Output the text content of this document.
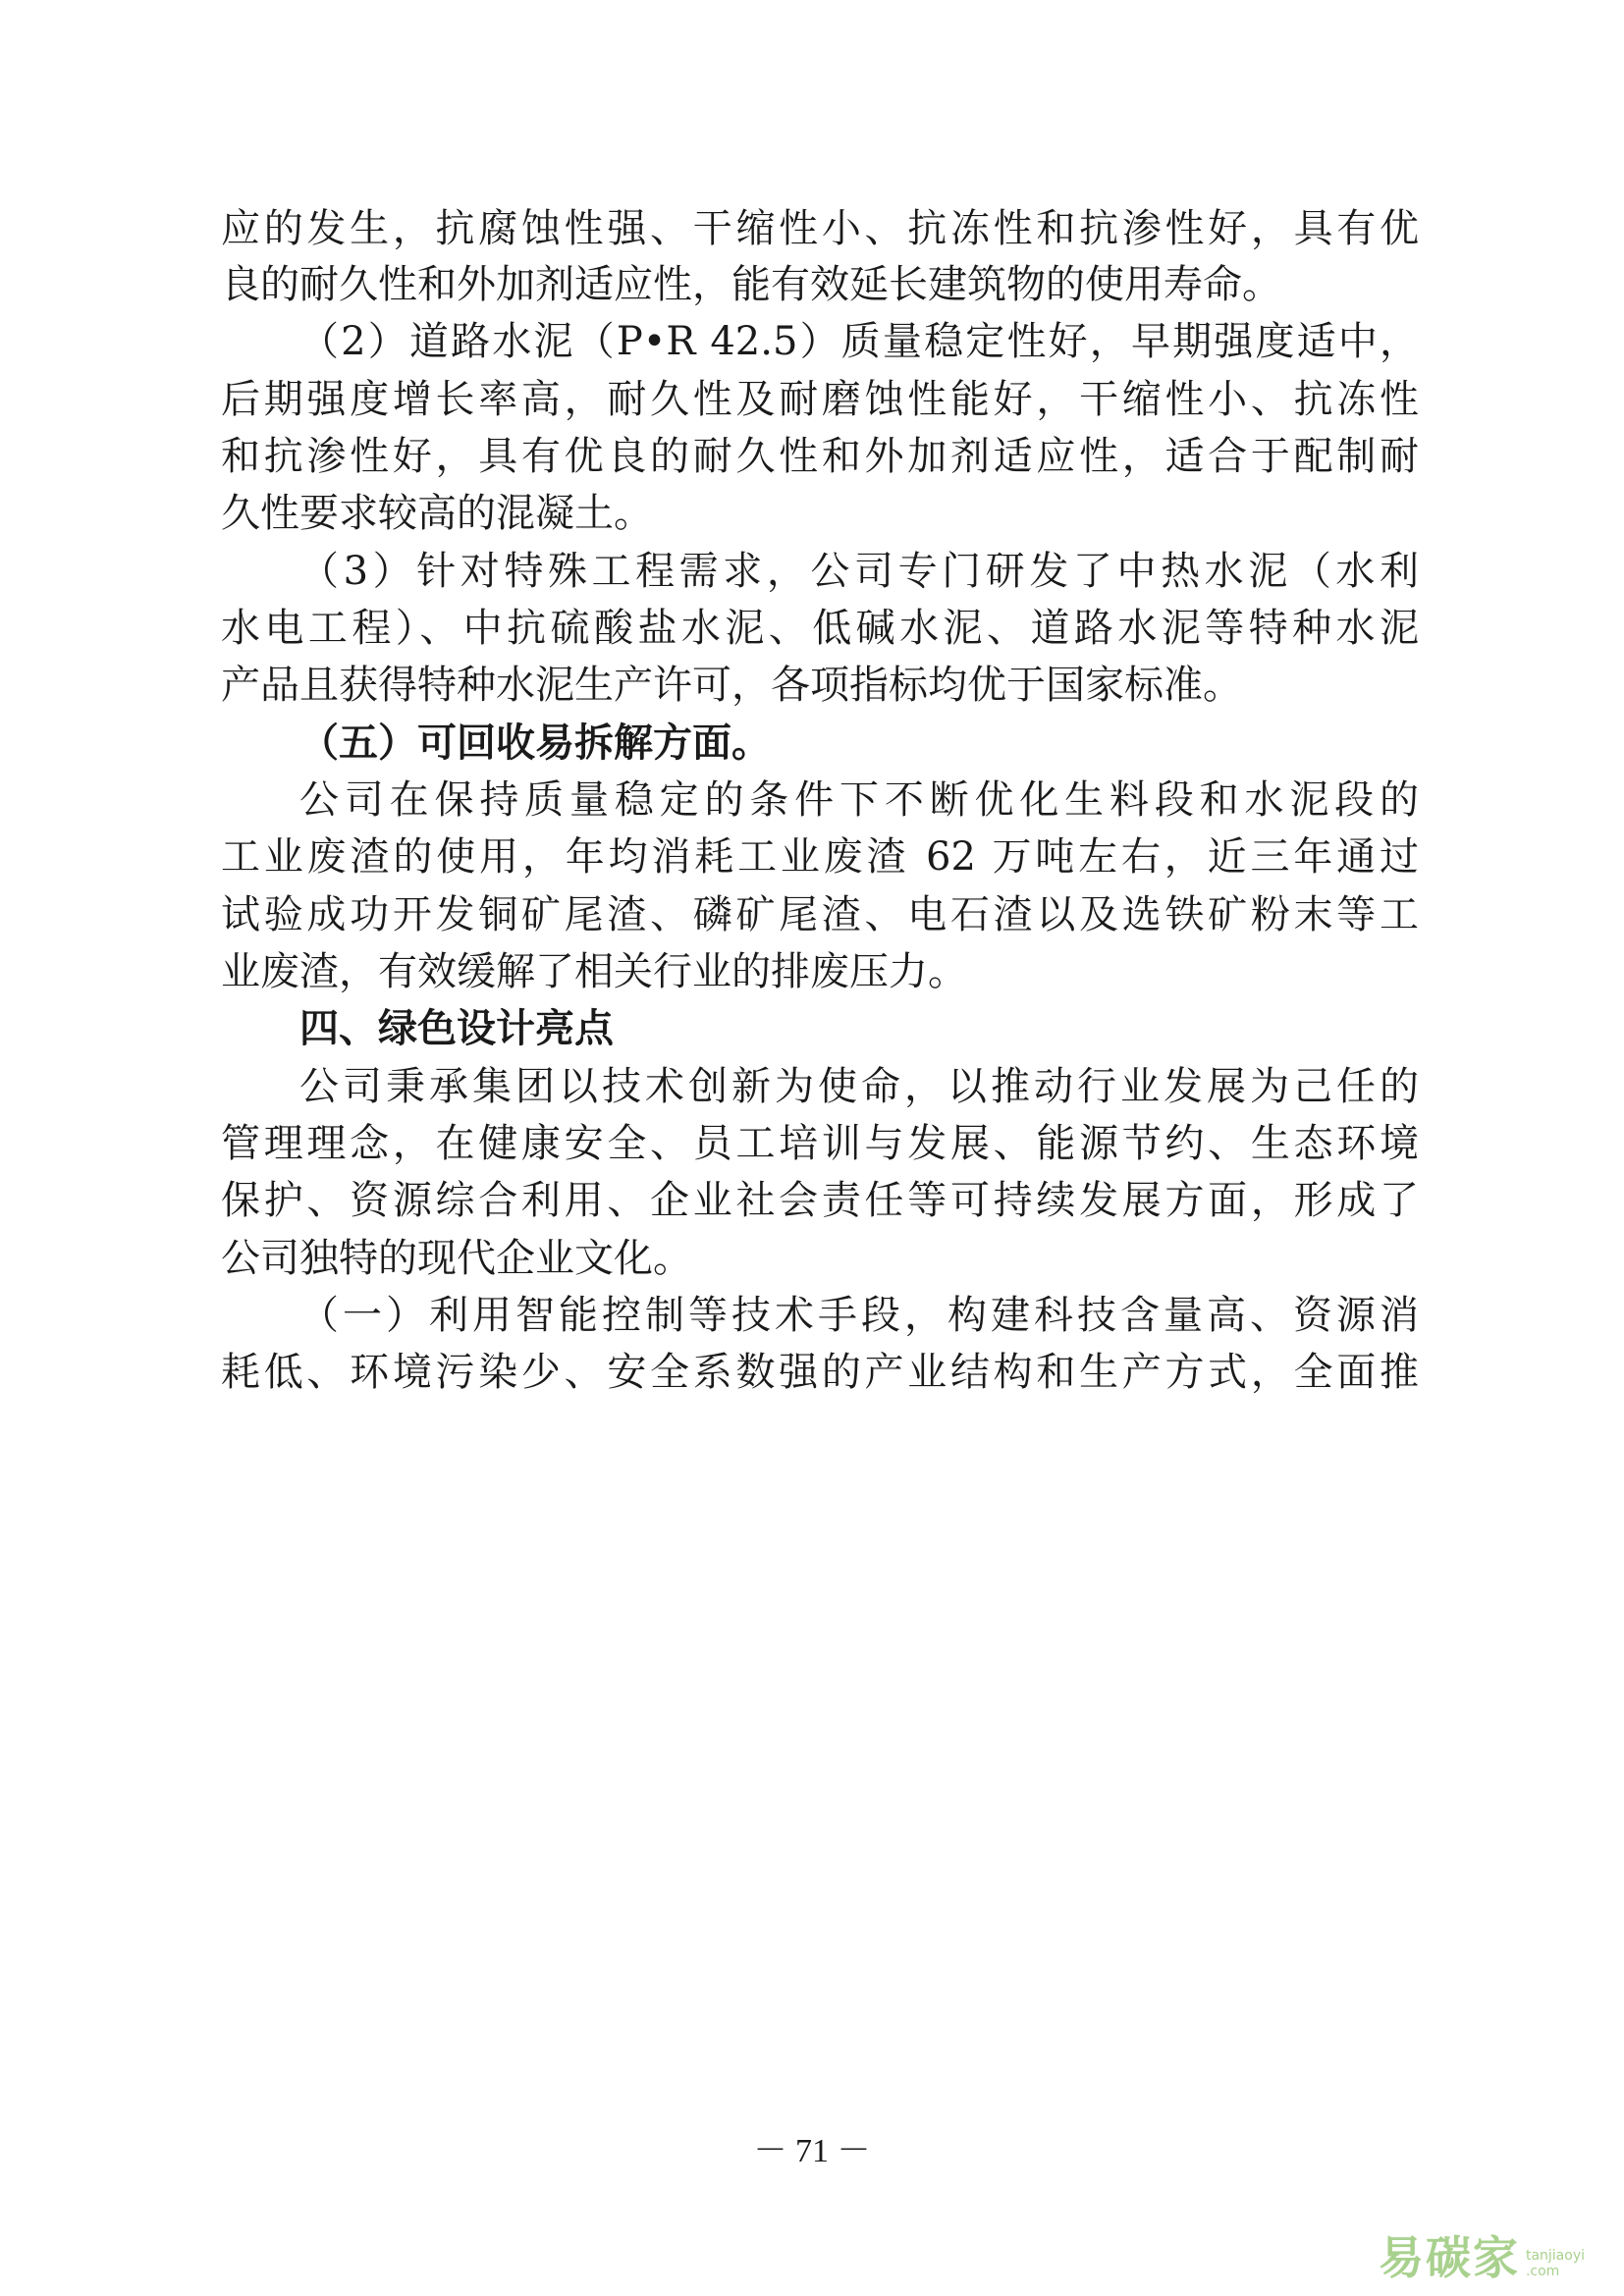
应的发生，抗腐蚀性强、干缩性小、抗冻性和抗渗性好，具有优
良的耐久性和外加剂适应性，能有效延长建筑物的使用寿命。
（2）道路水泥（P•R 42.5）质量稳定性好，早期强度适中，
后期强度增长率高，耐久性及耐磨蚀性能好，干缩性小、抗冻性
和抗渗性好，具有优良的耐久性和外加剂适应性，适合于配制耐
久性要求较高的混凝土。
（3）针对特殊工程需求，公司专门研发了中热水泥（水利
水电工程）、中抗硫酸盐水泥、低碱水泥、道路水泥等特种水泥
产品且获得特种水泥生产许可，各项指标均优于国家标准。
（五）可回收易拆解方面。
公司在保持质量稳定的条件下不断优化生料段和水泥段的
工业废渣的使用，年均消耗工业废渣 62 万吨左右，近三年通过
试验成功开发铜矿尾渣、磷矿尾渣、电石渣以及选铁矿粉末等工
业废渣，有效缓解了相关行业的排废压力。
四、绿色设计亮点
公司秉承集团以技术创新为使命，以推动行业发展为己任的
管理理念，在健康安全、员工培训与发展、能源节约、生态环境
保护、资源综合利用、企业社会责任等可持续发展方面，形成了
公司独特的现代企业文化。
（一）利用智能控制等技术手段，构建科技含量高、资源消
耗低、环境污染少、安全系数强的产业结构和生产方式，全面推
－ 71 －
易碳家 tanjiaoyi
.com
